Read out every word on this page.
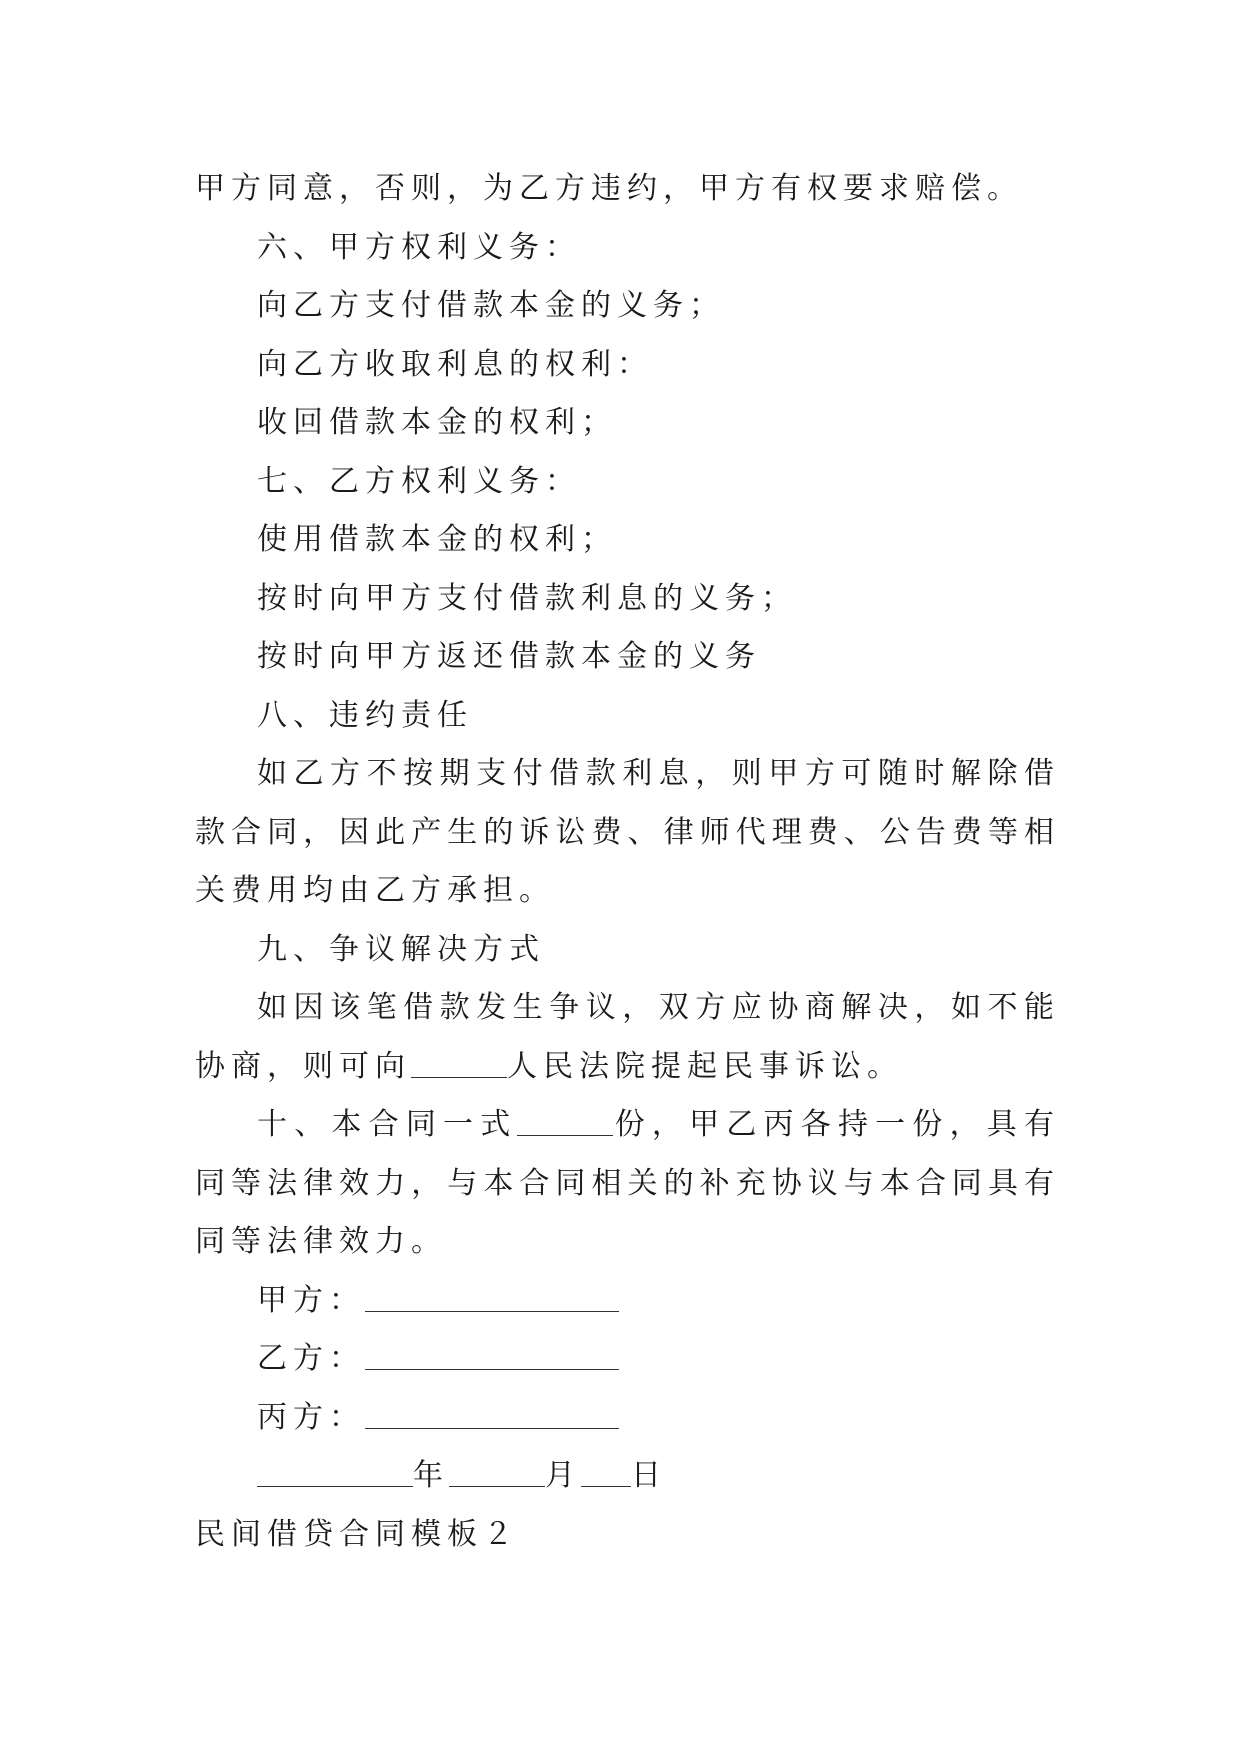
甲方同意，否则，为乙方违约，甲方有权要求赔偿。

六、甲方权利义务：

向乙方支付借款本金的义务；

向乙方收取利息的权利：

收回借款本金的权利；

七、乙方权利义务：

使用借款本金的权利；

按时向甲方支付借款利息的义务；

按时向甲方返还借款本金的义务

八、违约责任

如乙方不按期支付借款利息，则甲方可随时解除借款合同，因此产生的诉讼费、律师代理费、公告费等相关费用均由乙方承担。

九、争议解决方式

如因该笔借款发生争议，双方应协商解决，如不能协商，则可向	人民法院提起民事诉讼。

十、本合同一式	份，甲乙丙各持一份，具有同等法律效力，与本合同相关的补充协议与本合同具有同等法律效力。

甲方：

乙方：

丙方：

年	月 日

民间借贷合同模板２
